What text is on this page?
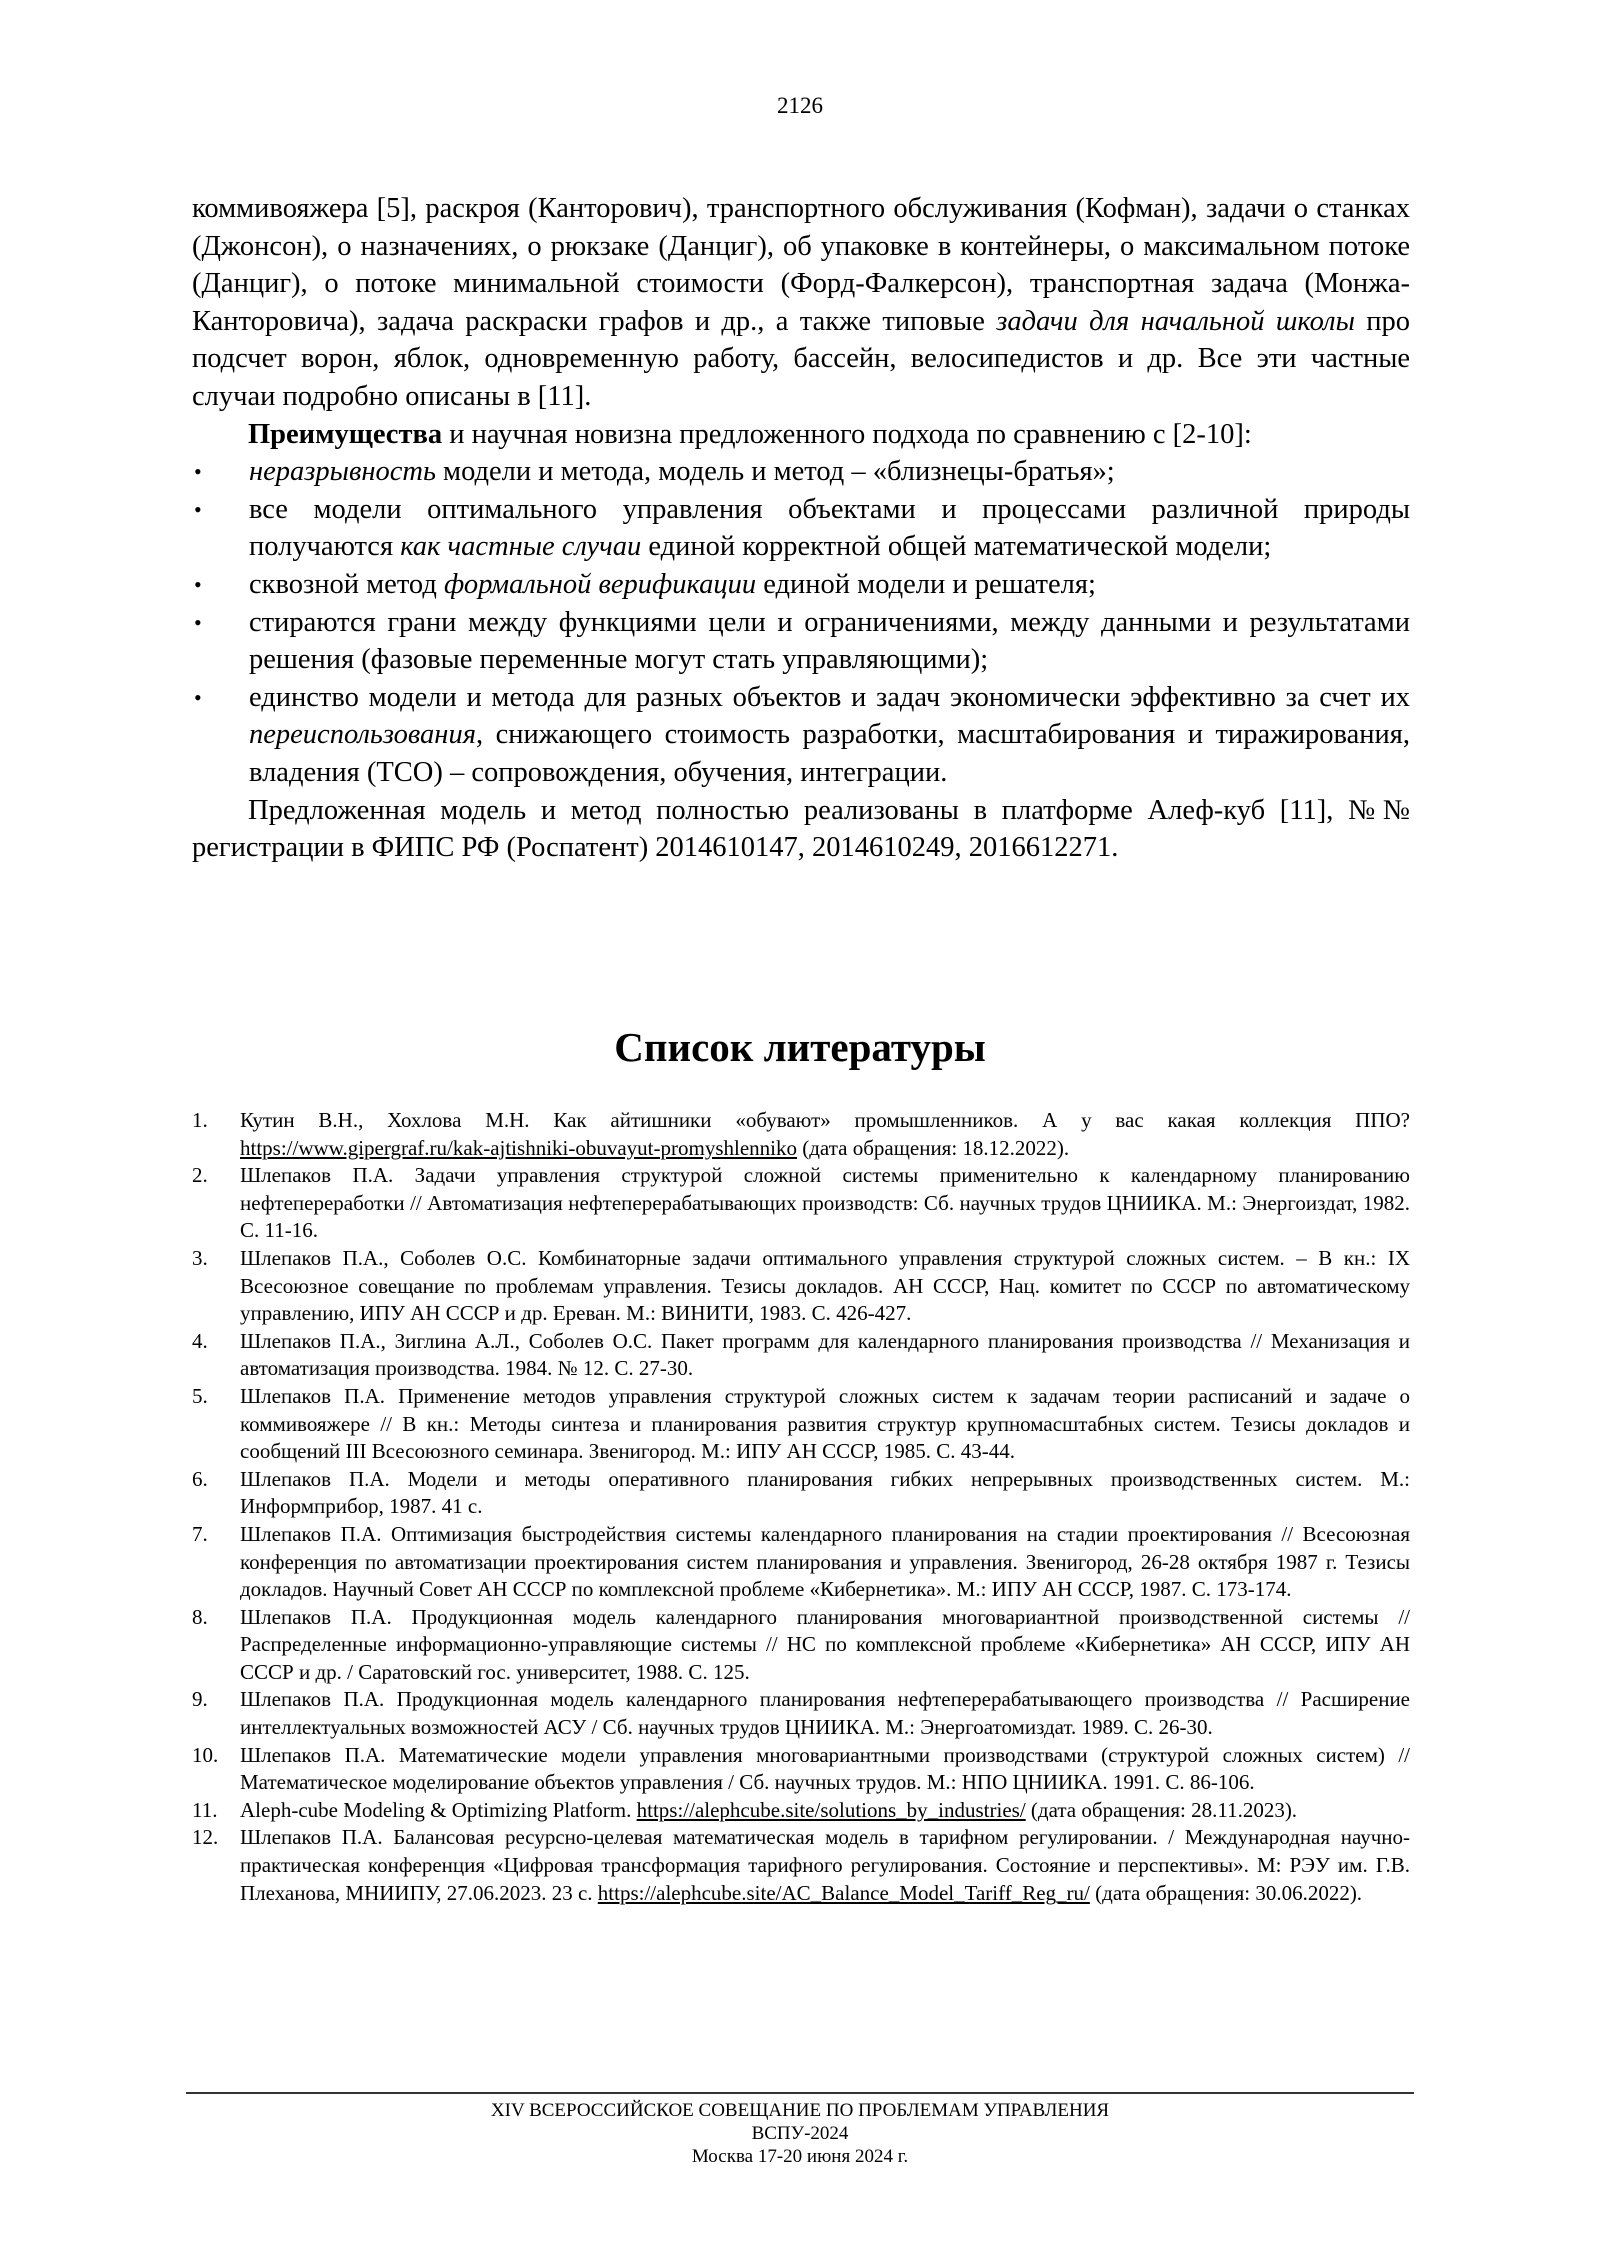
2126

коммивояжера [5], раскроя (Канторович), транспортного обслуживания (Кофман), задачи о станках (Джонсон), о назначениях, о рюкзаке (Данциг), об упаковке в контейнеры, о максимальном потоке (Данциг), о потоке минимальной стоимости (Форд-Фалкерсон), транспортная задача (Монжа-Канторовича), задача раскраски графов и др., а также типовые задачи для начальной школы про подсчет ворон, яблок, одновременную работу, бассейн, велосипедистов и др. Все эти частные случаи подробно описаны в [11].

Преимущества и научная новизна предложенного подхода по сравнению с [2-10]:

• неразрывность модели и метода, модель и метод – «близнецы-братья»;
• все модели оптимального управления объектами и процессами различной природы получаются как частные случаи единой корректной общей математической модели;
• сквозной метод формальной верификации единой модели и решателя;
• стираются грани между функциями цели и ограничениями, между данными и результатами решения (фазовые переменные могут стать управляющими);
• единство модели и метода для разных объектов и задач экономически эффективно за счет их переиспользования, снижающего стоимость разработки, масштабирования и тиражирования, владения (ТСО) – сопровождения, обучения, интеграции.

Предложенная модель и метод полностью реализованы в платформе Алеф-куб [11], №№ регистрации в ФИПС РФ (Роспатент) 2014610147, 2014610249, 2016612271.

Список литературы
1. Кутин В.Н., Хохлова М.Н. Как айтишники «обувают» промышленников. А у вас какая коллекция ППО? https://www.gipergraf.ru/kak-ajtishniki-obuvayut-promyshlenniko (дата обращения: 18.12.2022).
2. Шлепаков П.А. Задачи управления структурой сложной системы применительно к календарному планированию нефтепереработки // Автоматизация нефтеперерабатывающих производств: Сб. научных трудов ЦНИИКА. М.: Энергоиздат, 1982. С. 11-16.
3. Шлепаков П.А., Соболев О.С. Комбинаторные задачи оптимального управления структурой сложных систем. – В кн.: IX Всесоюзное совещание по проблемам управления. Тезисы докладов. АН СССР, Нац. комитет по СССР по автоматическому управлению, ИПУ АН СССР и др. Ереван. М.: ВИНИТИ, 1983. С. 426-427.
4. Шлепаков П.А., Зиглина А.Л., Соболев О.С. Пакет программ для календарного планирования производства // Механизация и автоматизация производства. 1984. № 12. С. 27-30.
5. Шлепаков П.А. Применение методов управления структурой сложных систем к задачам теории расписаний и задаче о коммивояжере // В кн.: Методы синтеза и планирования развития структур крупномасштабных систем. Тезисы докладов и сообщений III Всесоюзного семинара. Звенигород. М.: ИПУ АН СССР, 1985. С. 43-44.
6. Шлепаков П.А. Модели и методы оперативного планирования гибких непрерывных производственных систем. М.: Информприбор, 1987. 41 с.
7. Шлепаков П.А. Оптимизация быстродействия системы календарного планирования на стадии проектирования // Всесоюзная конференция по автоматизации проектирования систем планирования и управления. Звенигород, 26-28 октября 1987 г. Тезисы докладов. Научный Совет АН СССР по комплексной проблеме «Кибернетика». М.: ИПУ АН СССР, 1987. С. 173-174.
8. Шлепаков П.А. Продукционная модель календарного планирования многовариантной производственной системы // Распределенные информационно-управляющие системы // НС по комплексной проблеме «Кибернетика» АН СССР, ИПУ АН СССР и др. / Саратовский гос. университет, 1988. С. 125.
9. Шлепаков П.А. Продукционная модель календарного планирования нефтеперерабатывающего производства // Расширение интеллектуальных возможностей АСУ / Сб. научных трудов ЦНИИКА. М.: Энергоатомиздат. 1989. С. 26-30.
10. Шлепаков П.А. Математические модели управления многовариантными производствами (структурой сложных систем) // Математическое моделирование объектов управления / Сб. научных трудов. М.: НПО ЦНИИКА. 1991. С. 86-106.
11. Aleph-cube Modeling & Optimizing Platform. https://alephcube.site/solutions_by_industries/ (дата обращения: 28.11.2023).
12. Шлепаков П.А. Балансовая ресурсно-целевая математическая модель в тарифном регулировании. / Международная научно-практическая конференция «Цифровая трансформация тарифного регулирования. Состояние и перспективы». М: РЭУ им. Г.В. Плеханова, МНИИПУ, 27.06.2023. 23 с. https://alephcube.site/AC_Balance_Model_Tariff_Reg_ru/ (дата обращения: 30.06.2022).
XIV ВСЕРОССИЙСКОЕ СОВЕЩАНИЕ ПО ПРОБЛЕМАМ УПРАВЛЕНИЯ
ВСПУ-2024
Москва 17-20 июня 2024 г.
